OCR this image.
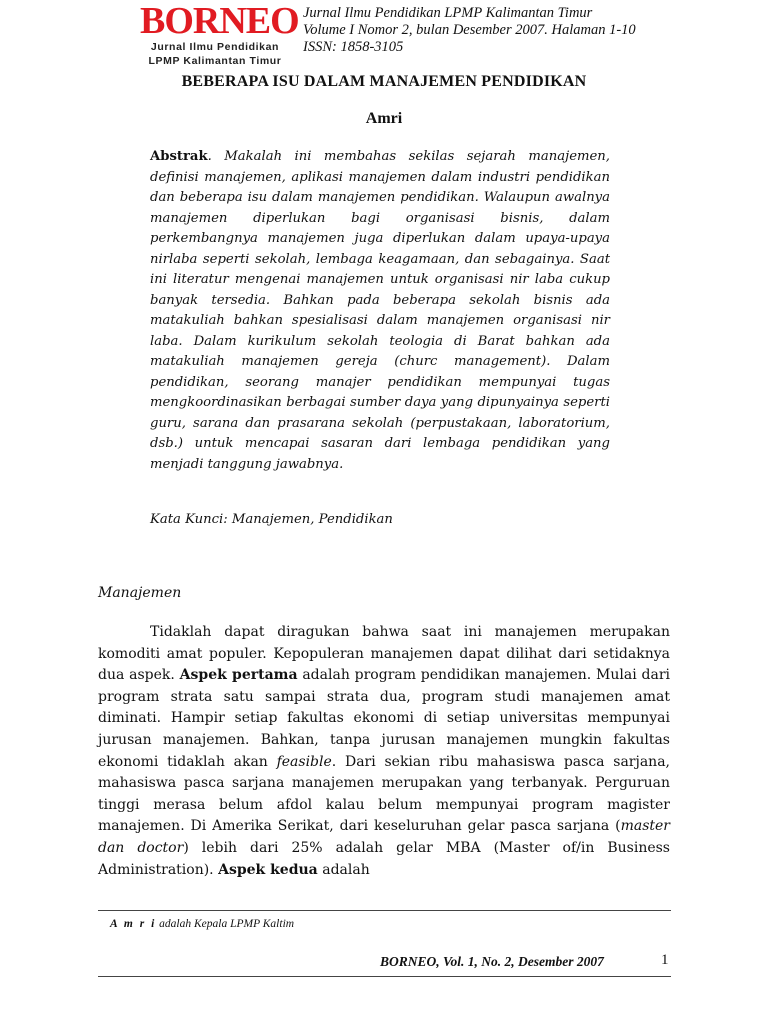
BORNEO
Jurnal Ilmu Pendidikan
LPMP Kalimantan Timur
Jurnal Ilmu Pendidikan LPMP Kalimantan Timur
Volume I Nomor 2, bulan Desember 2007. Halaman 1-10
ISSN: 1858-3105
BEBERAPA ISU DALAM MANAJEMEN PENDIDIKAN
Amri
Abstrak. Makalah ini membahas sekilas sejarah manajemen, definisi manajemen, aplikasi manajemen dalam industri pendidikan dan beberapa isu dalam manajemen pendidikan. Walaupun awalnya manajemen diperlukan bagi organisasi bisnis, dalam perkembangnya manajemen juga diperlukan dalam upaya-upaya nirlaba seperti sekolah, lembaga keagamaan, dan sebagainya. Saat ini literatur mengenai manajemen untuk organisasi nir laba cukup banyak tersedia. Bahkan pada beberapa sekolah bisnis ada matakuliah bahkan spesialisasi dalam manajemen organisasi nir laba. Dalam kurikulum sekolah teologia di Barat bahkan ada matakuliah manajemen gereja (churc management). Dalam pendidikan, seorang manajer pendidikan mempunyai tugas mengkoordinasikan berbagai sumber daya yang dipunyainya seperti guru, sarana dan prasarana sekolah (perpustakaan, laboratorium, dsb.) untuk mencapai sasaran dari lembaga pendidikan yang menjadi tanggung jawabnya.
Kata Kunci: Manajemen, Pendidikan
Manajemen
Tidaklah dapat diragukan bahwa saat ini manajemen merupakan komoditi amat populer. Kepopuleran manajemen dapat dilihat dari setidaknya dua aspek. Aspek pertama adalah program pendidikan manajemen. Mulai dari program strata satu sampai strata dua, program studi manajemen amat diminati. Hampir setiap fakultas ekonomi di setiap universitas mempunyai jurusan manajemen. Bahkan, tanpa jurusan manajemen mungkin fakultas ekonomi tidaklah akan feasible. Dari sekian ribu mahasiswa pasca sarjana, mahasiswa pasca sarjana manajemen merupakan yang terbanyak. Perguruan tinggi merasa belum afdol kalau belum mempunyai program magister manajemen. Di Amerika Serikat, dari keseluruhan gelar pasca sarjana (master dan doctor) lebih dari 25% adalah gelar MBA (Master of/in Business Administration). Aspek kedua adalah
A m r i adalah Kepala LPMP Kaltim
BORNEO, Vol. 1, No. 2, Desember 2007	1
